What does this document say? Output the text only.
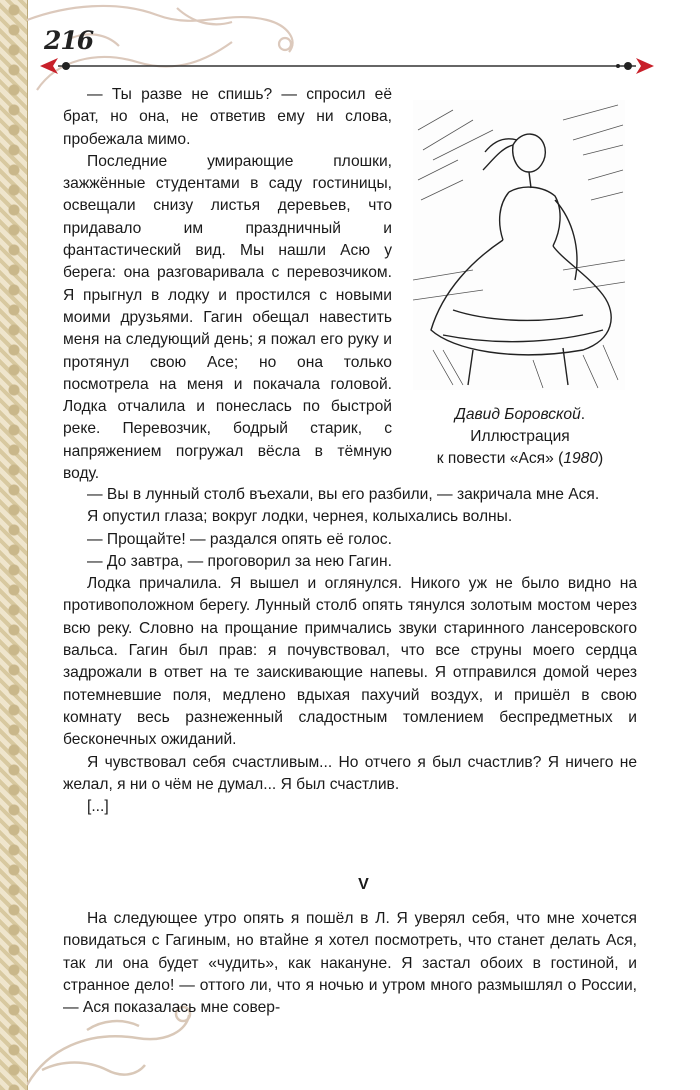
216

— Ты разве не спишь? — спросил её брат, но она, не ответив ему ни слова, пробежала мимо.

Последние умирающие плошки, зажжённые студентами в саду гостиницы, освещали снизу листья деревьев, что придавало им праздничный и фантастический вид. Мы нашли Асю у берега: она разговаривала с перевозчиком. Я прыгнул в лодку и простился с новыми моими друзьями. Гагин обещал навестить меня на следующий день; я пожал его руку и протянул свою Асе; но она только посмотрела на меня и покачала головой. Лодка отчалила и понеслась по быстрой реке. Перевозчик, бодрый старик, с напряжением погружал вёсла в тёмную воду.

Давид Боровской.
Иллюстрация
к повести «Ася» (1980)

— Вы в лунный столб въехали, вы его разбили, — закричала мне Ася.

Я опустил глаза; вокруг лодки, чернея, колыхались волны.

— Прощайте! — раздался опять её голос.

— До завтра, — проговорил за нею Гагин.

Лодка причалила. Я вышел и оглянулся. Никого уж не было видно на противоположном берегу. Лунный столб опять тянулся золотым мостом через всю реку. Словно на прощание примчались звуки старинного лансеровского вальса. Гагин был прав: я почувствовал, что все струны моего сердца задрожали в ответ на те заискивающие напевы. Я отправился домой через потемневшие поля, медлено вдыхая пахучий воздух, и пришёл в свою комнату весь разнеженный сладостным томлением беспредметных и бесконечных ожиданий.

Я чувствовал себя счастливым... Но отчего я был счастлив? Я ничего не желал, я ни о чём не думал... Я был счастлив.

[...]

V

На следующее утро опять я пошёл в Л. Я уверял себя, что мне хочется повидаться с Гагиным, но втайне я хотел посмотреть, что станет делать Ася, так ли она будет «чудить», как накануне. Я застал обоих в гостиной, и странное дело! — оттого ли, что я ночью и утром много размышлял о России, — Ася показалась мне совер-
